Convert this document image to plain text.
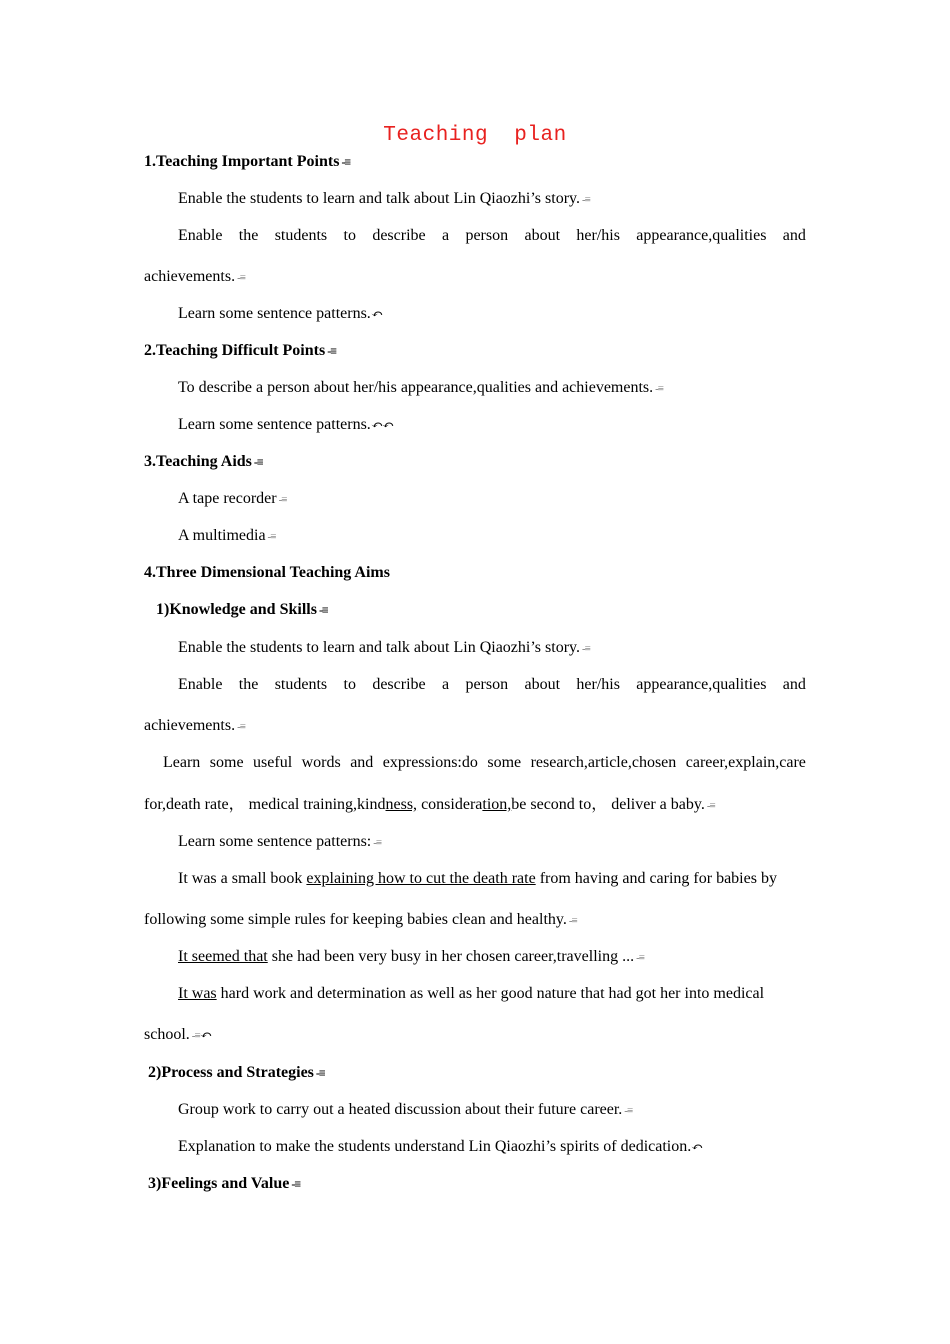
Teaching  plan
1.Teaching Important Points -≡
Enable the students to learn and talk about Lin Qiaozhi’s story. -≡
Enable the students to describe a person about her/his appearance,qualities and
achievements. -≡
Learn some sentence patterns.↶
2.Teaching Difficult Points -≡
To describe a person about her/his appearance,qualities and achievements. -≡
Learn some sentence patterns.↶↶
3.Teaching Aids -≡
A tape recorder -≡
A multimedia -≡
4.Three Dimensional Teaching Aims
1)Knowledge and Skills -≡
Enable the students to learn and talk about Lin Qiaozhi’s story. -≡
Enable the students to describe a person about her/his appearance,qualities and
achievements. -≡
Learn some useful words and expressions:do some research,article,chosen career,explain,care
for,death rate， medical training,kindness, consideration,be second to， deliver a baby. -≡
Learn some sentence patterns: -≡
It was a small book explaining how to cut the death rate from having and caring for babies by
following some simple rules for keeping babies clean and healthy. -≡
It seemed that she had been very busy in her chosen career,travelling ... -≡
It was hard work and determination as well as her good nature that had got her into medical
school. -≡↶
2)Process and Strategies -≡
Group work to carry out a heated discussion about their future career. -≡
Explanation to make the students understand Lin Qiaozhi’s spirits of dedication.↶
3)Feelings and Value -≡
